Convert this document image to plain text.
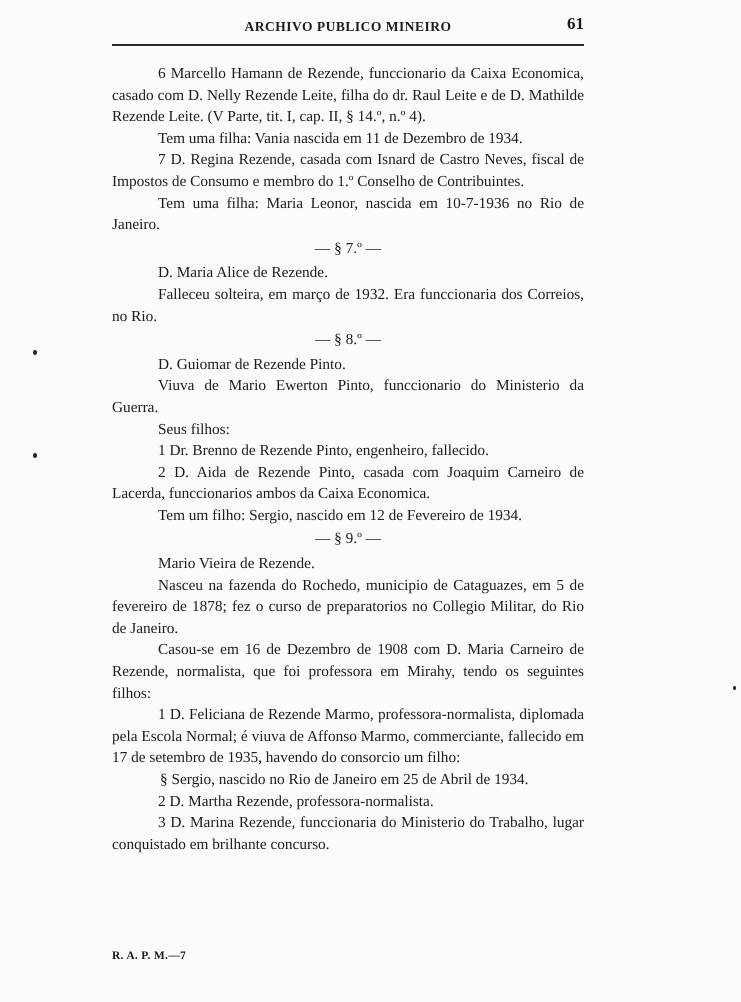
ARCHIVO PUBLICO MINEIRO	61

6 Marcello Hamann de Rezende, funccionario da Caixa Economica, casado com D. Nelly Rezende Leite, filha do dr. Raul Leite e de D. Mathilde Rezende Leite. (V Parte, tit. I, cap. II, § 14.º, n.º 4).

Tem uma filha: Vania nascida em 11 de Dezembro de 1934.

7 D. Regina Rezende, casada com Isnard de Castro Neves, fiscal de Impostos de Consumo e membro do 1.º Conselho de Contribuintes.

Tem uma filha: Maria Leonor, nascida em 10-7-1936 no Rio de Janeiro.

— § 7.º —

D. Maria Alice de Rezende.

Falleceu solteira, em março de 1932. Era funccionaria dos Correios, no Rio.

— § 8.º —

D. Guiomar de Rezende Pinto.

Viuva de Mario Ewerton Pinto, funccionario do Ministerio da Guerra.

Seus filhos:

1 Dr. Brenno de Rezende Pinto, engenheiro, fallecido.

2 D. Aida de Rezende Pinto, casada com Joaquim Carneiro de Lacerda, funccionarios ambos da Caixa Economica.

Tem um filho: Sergio, nascido em 12 de Fevereiro de 1934.

— § 9.º —

Mario Vieira de Rezende.

Nasceu na fazenda do Rochedo, municipio de Cataguazes, em 5 de fevereiro de 1878; fez o curso de preparatorios no Collegio Militar, do Rio de Janeiro.

Casou-se em 16 de Dezembro de 1908 com D. Maria Carneiro de Rezende, normalista, que foi professora em Mirahy, tendo os seguintes filhos:

1 D. Feliciana de Rezende Marmo, professora-normalista, diplomada pela Escola Normal; é viuva de Affonso Marmo, commerciante, fallecido em 17 de setembro de 1935, havendo do consorcio um filho:

§ Sergio, nascido no Rio de Janeiro em 25 de Abril de 1934.

2 D. Martha Rezende, professora-normalista.

3 D. Marina Rezende, funccionaria do Ministerio do Trabalho, lugar conquistado em brilhante concurso.

R. A. P. M.—7
